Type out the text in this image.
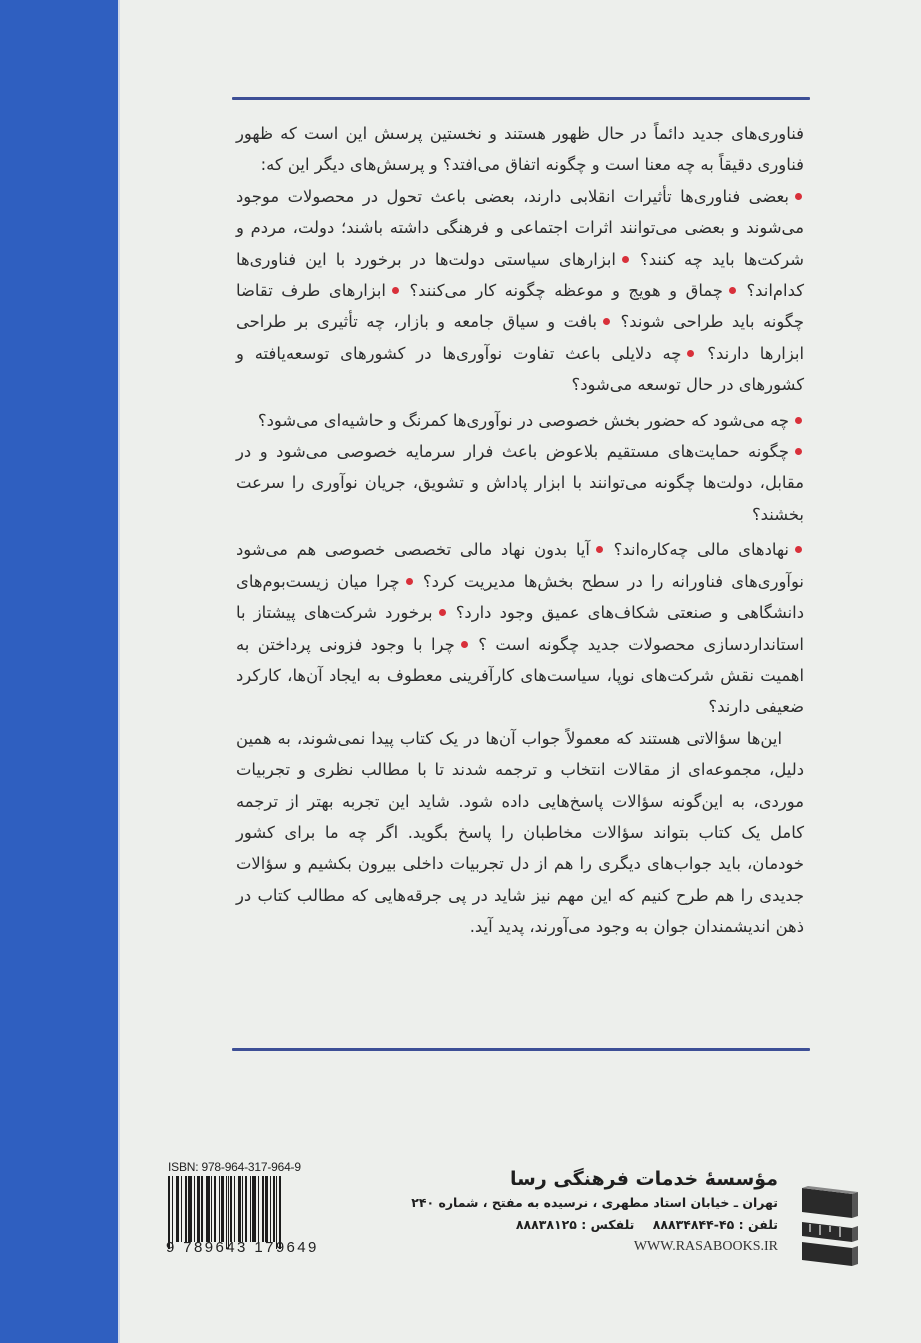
فناوری‌های جدید دائماً در حال ظهور هستند و نخستین پرسش این است که ظهور فناوری دقیقاً به چه معنا است و چگونه اتفاق می‌افتد؟ و پرسش‌های دیگر این که:

بعضی فناوری‌ها تأثیرات انقلابی دارند، بعضی باعث تحول در محصولات موجود می‌شوند و بعضی می‌توانند اثرات اجتماعی و فرهنگی داشته باشند؛ دولت، مردم و شرکت‌ها باید چه کنند؟ ابزارهای سیاستی دولت‌ها در برخورد با این فناوری‌ها کدام‌اند؟ چماق و هویج و موعظه چگونه کار می‌کنند؟ ابزارهای طرف تقاضا چگونه باید طراحی شوند؟ بافت و سیاق جامعه و بازار، چه تأثیری بر طراحی ابزارها دارند؟ چه دلایلی باعث تفاوت نوآوری‌ها در کشورهای توسعه‌یافته و کشورهای در حال توسعه می‌شود؟

چه می‌شود که حضور بخش خصوصی در نوآوری‌ها کمرنگ و حاشیه‌ای می‌شود؟

چگونه حمایت‌های مستقیم بلاعوض باعث فرار سرمایه خصوصی می‌شود و در مقابل، دولت‌ها چگونه می‌توانند با ابزار پاداش و تشویق، جریان نوآوری را سرعت بخشند؟

نهادهای مالی چه‌کاره‌اند؟ آیا بدون نهاد مالی تخصصی خصوصی هم می‌شود نوآوری‌های فناورانه را در سطح بخش‌ها مدیریت کرد؟ چرا میان زیست‌بوم‌های دانشگاهی و صنعتی شکاف‌های عمیق وجود دارد؟ برخورد شرکت‌های پیشتاز با استانداردسازی محصولات جدید چگونه است ؟ چرا با وجود فزونی پرداختن به اهمیت نقش شرکت‌های نوپا، سیاست‌های کارآفرینی معطوف به ایجاد آن‌ها، کارکرد ضعیفی دارند؟

این‌ها سؤالاتی هستند که معمولاً جواب آن‌ها در یک کتاب پیدا نمی‌شوند، به همین دلیل، مجموعه‌ای از مقالات انتخاب و ترجمه شدند تا با مطالب نظری و تجربیات موردی، به این‌گونه سؤالات پاسخ‌هایی داده شود. شاید این تجربه بهتر از ترجمه کامل یک کتاب بتواند سؤالات مخاطبان را پاسخ بگوید. اگر چه ما برای کشور خودمان، باید جواب‌های دیگری را هم از دل تجربیات داخلی بیرون بکشیم و سؤالات جدیدی را هم طرح کنیم که این مهم نیز شاید در پی جرقه‌هایی که مطالب کتاب در ذهن اندیشمندان جوان به وجود می‌آورند، پدید آید.

ISBN: 978-964-317-964-9
9 789643 179649
مؤسسهٔ خدمات فرهنگی رسا
تهران ـ خیابان استاد مطهری ، نرسیده به مفتح ، شماره ۲۴۰
تلفن : ۴۵-۸۸۸۳۴۸۴۴ تلفکس : ۸۸۸۳۸۱۲۵
WWW.RASABOOKS.IR
